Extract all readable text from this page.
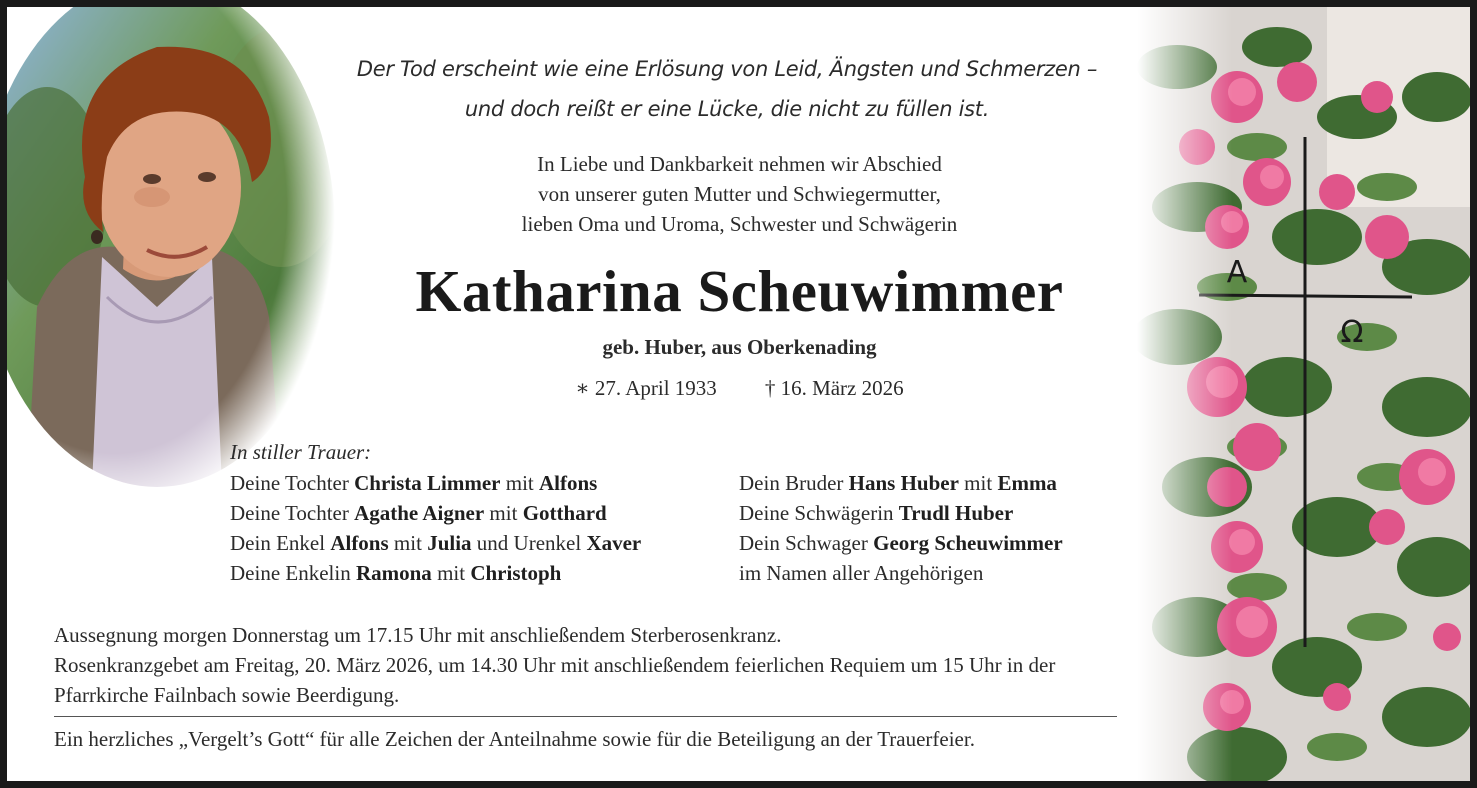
A
Ω
Der Tod erscheint wie eine Erlösung von Leid, Ängsten und Schmerzen –
und doch reißt er eine Lücke, die nicht zu füllen ist.
In Liebe und Dankbarkeit nehmen wir Abschied
von unserer guten Mutter und Schwiegermutter,
lieben Oma und Uroma, Schwester und Schwägerin
Katharina Scheuwimmer
geb. Huber, aus Oberkenading
∗ 27. April 1933 † 16. März 2026
In stiller Trauer:
Deine Tochter Christa Limmer mit Alfons
Deine Tochter Agathe Aigner mit Gotthard
Dein Enkel Alfons mit Julia und Urenkel Xaver
Deine Enkelin Ramona mit Christoph
Dein Bruder Hans Huber mit Emma
Deine Schwägerin Trudl Huber
Dein Schwager Georg Scheuwimmer
im Namen aller Angehörigen
Aussegnung morgen Donnerstag um 17.15 Uhr mit anschließendem Sterberosenkranz.
Rosenkranzgebet am Freitag, 20. März 2026, um 14.30 Uhr mit anschließendem feierlichen Requiem um 15 Uhr in der Pfarrkirche Failnbach sowie Beerdigung.
Ein herzliches „Vergelt’s Gott“ für alle Zeichen der Anteilnahme sowie für die Beteiligung an der Trauerfeier.
